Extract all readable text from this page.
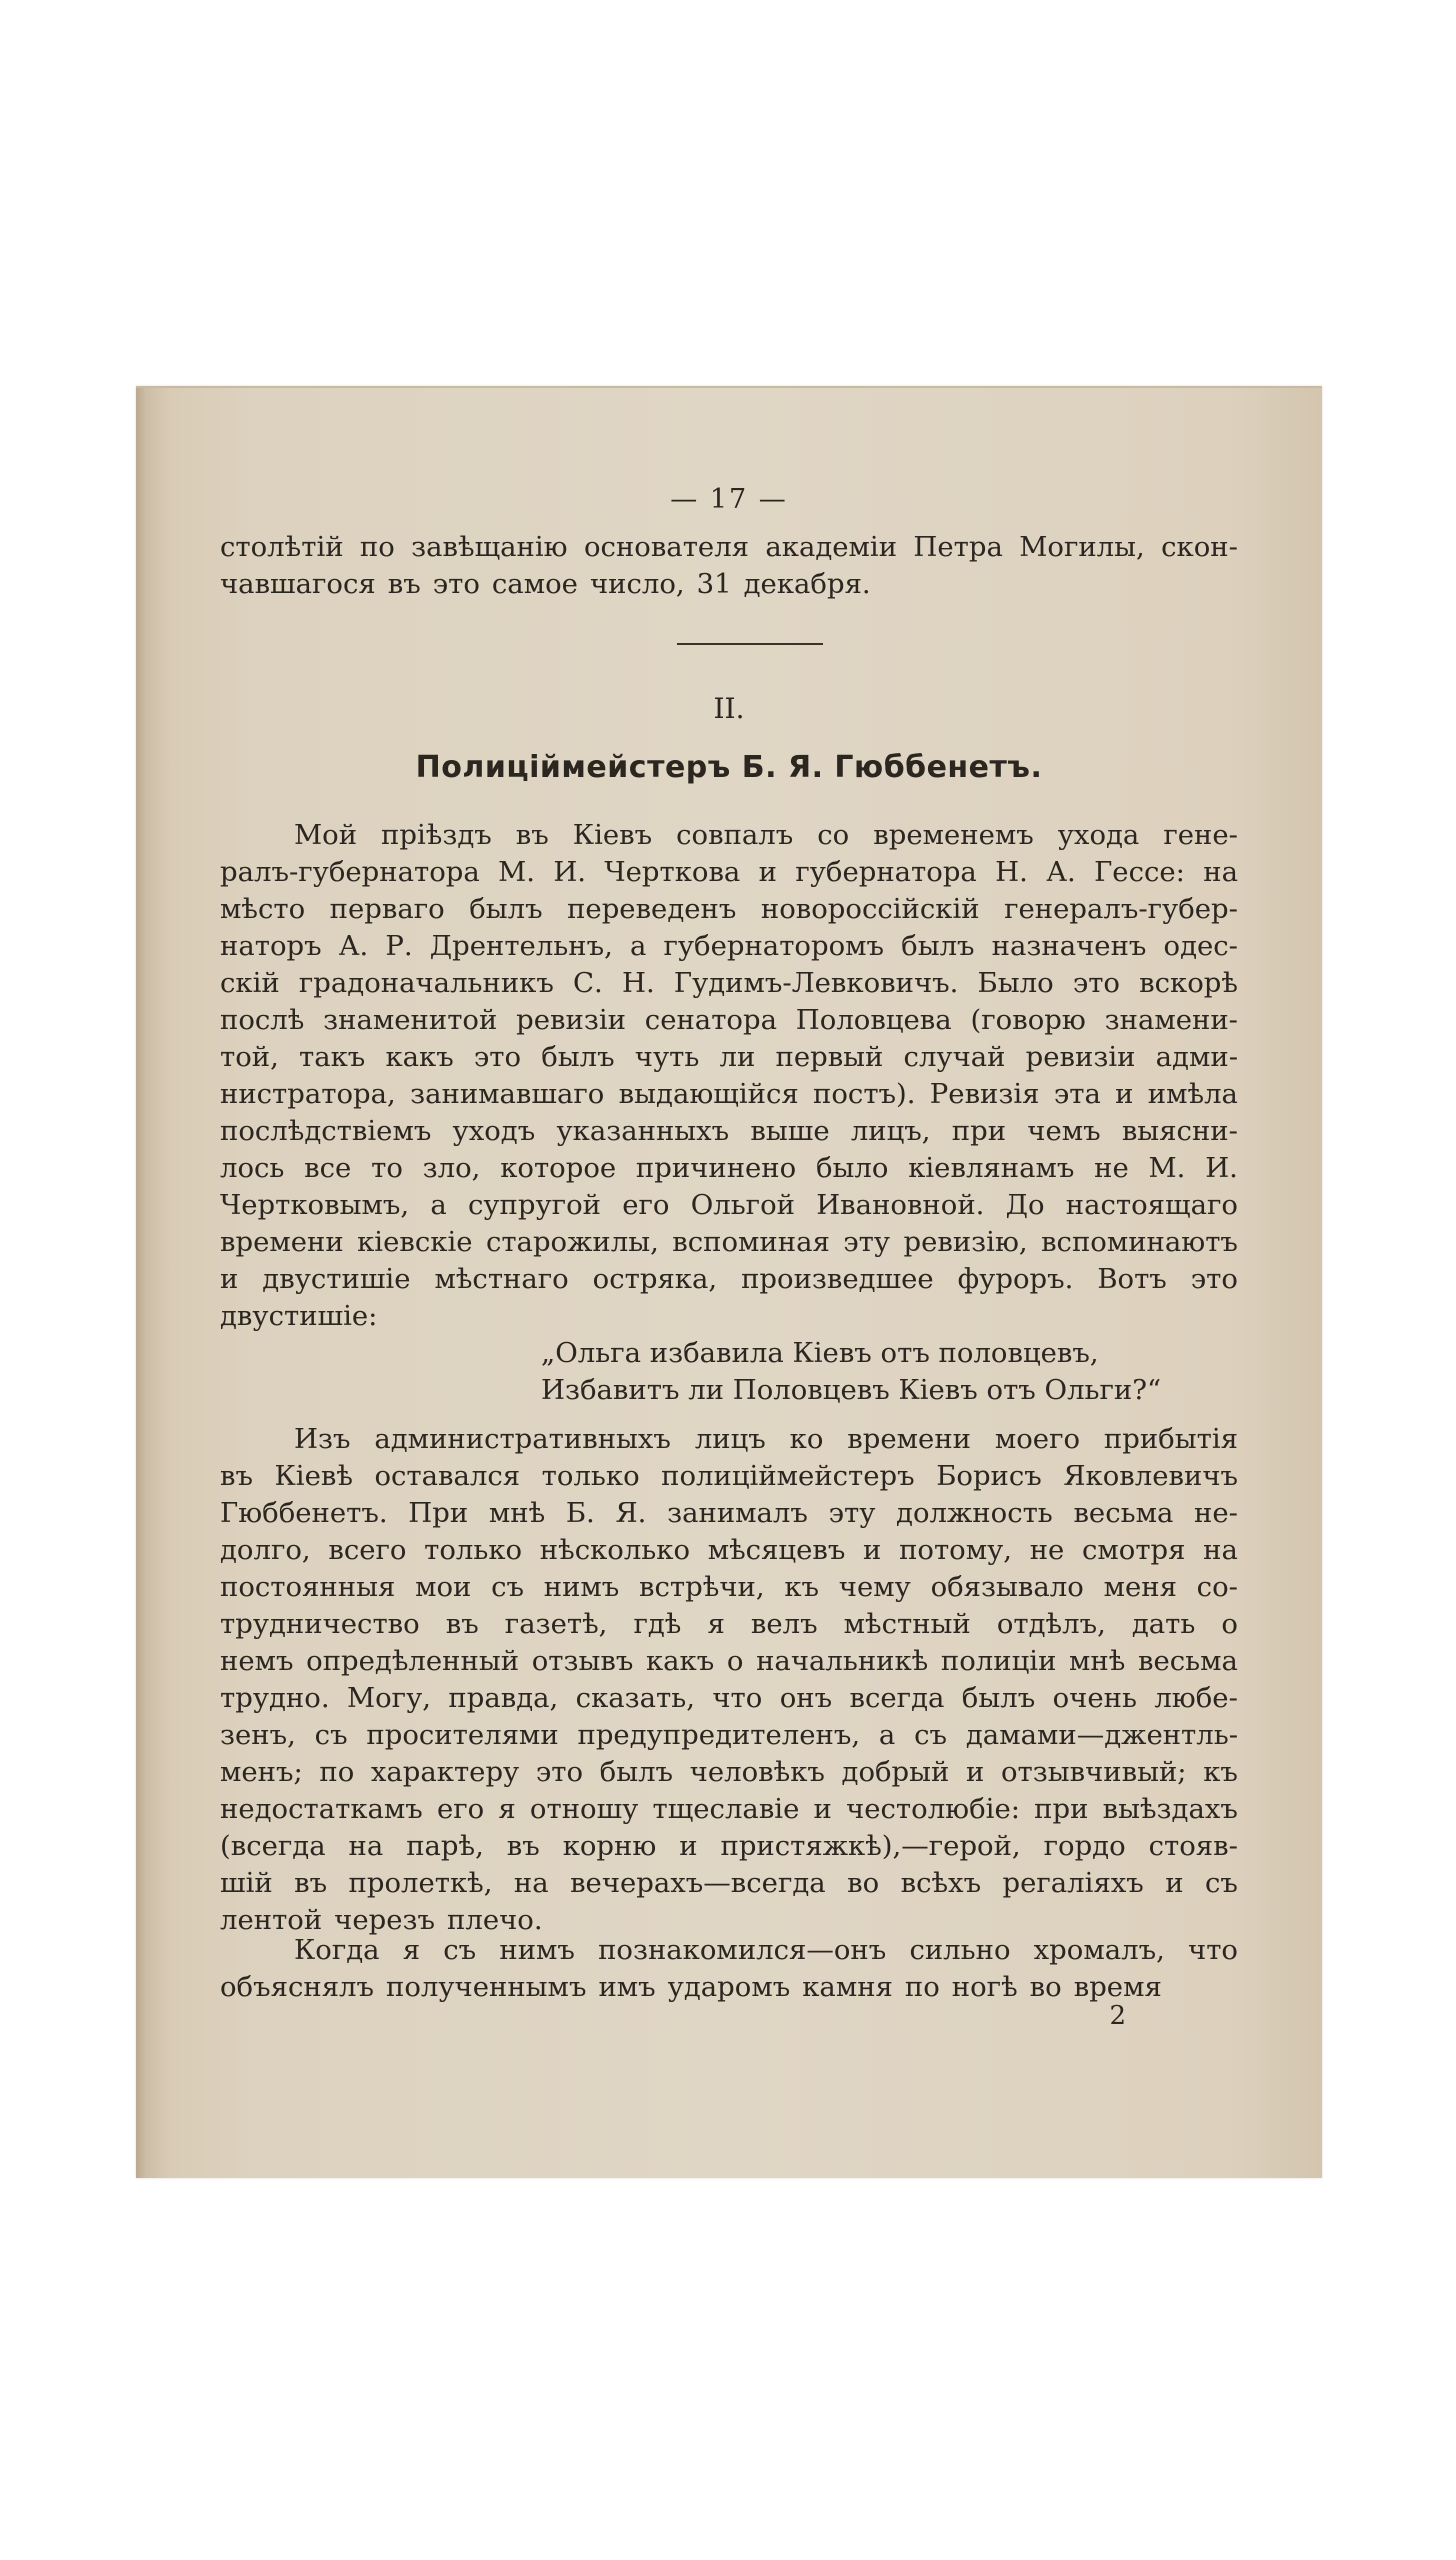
— 17 —
столѣтій по завѣщанію основателя академіи Петра Могилы, скон-
чавшагося въ это самое число, 31 декабря.
II.
Полиціймейстеръ Б. Я. Гюббенетъ.
Мой пріѣздъ въ Кіевъ совпалъ со временемъ ухода гене-
ралъ-губернатора М. И. Черткова и губернатора Н. А. Гессе: на
мѣсто перваго былъ переведенъ новороссійскій генералъ-губер-
наторъ А. Р. Дрентельнъ, а губернаторомъ былъ назначенъ одес-
скій градоначальникъ С. Н. Гудимъ-Левковичъ. Было это вскорѣ
послѣ знаменитой ревизіи сенатора Половцева (говорю знамени-
той, такъ какъ это былъ чуть ли первый случай ревизіи адми-
нистратора, занимавшаго выдающійся постъ). Ревизія эта и имѣла
послѣдствіемъ уходъ указанныхъ выше лицъ, при чемъ выясни-
лось все то зло, которое причинено было кіевлянамъ не М. И.
Чертковымъ, а супругой его Ольгой Ивановной. До настоящаго
времени кіевскіе старожилы, вспоминая эту ревизію, вспоминаютъ
и двустишіе мѣстнаго остряка, произведшее фуроръ. Вотъ это
двустишіе:
„Ольга избавила Кіевъ отъ половцевъ,
Избавитъ ли Половцевъ Кіевъ отъ Ольги?“
Изъ административныхъ лицъ ко времени моего прибытія
въ Кіевѣ оставался только полиціймейстеръ Борисъ Яковлевичъ
Гюббенетъ. При мнѣ Б. Я. занималъ эту должность весьма не-
долго, всего только нѣсколько мѣсяцевъ и потому, не смотря на
постоянныя мои съ нимъ встрѣчи, къ чему обязывало меня со-
трудничество въ газетѣ, гдѣ я велъ мѣстный отдѣлъ, дать о
немъ опредѣленный отзывъ какъ о начальникѣ полиціи мнѣ весьма
трудно. Могу, правда, сказать, что онъ всегда былъ очень любе-
зенъ, съ просителями предупредителенъ, а съ дамами—джентль-
менъ; по характеру это былъ человѣкъ добрый и отзывчивый; къ
недостаткамъ его я отношу тщеславіе и честолюбіе: при выѣздахъ
(всегда на парѣ, въ корню и пристяжкѣ),—герой, гордо стояв-
шій въ пролеткѣ, на вечерахъ—всегда во всѣхъ регаліяхъ и съ
лентой черезъ плечо.
Когда я съ нимъ познакомился—онъ сильно хромалъ, что
объяснялъ полученнымъ имъ ударомъ камня по ногѣ во время
2
